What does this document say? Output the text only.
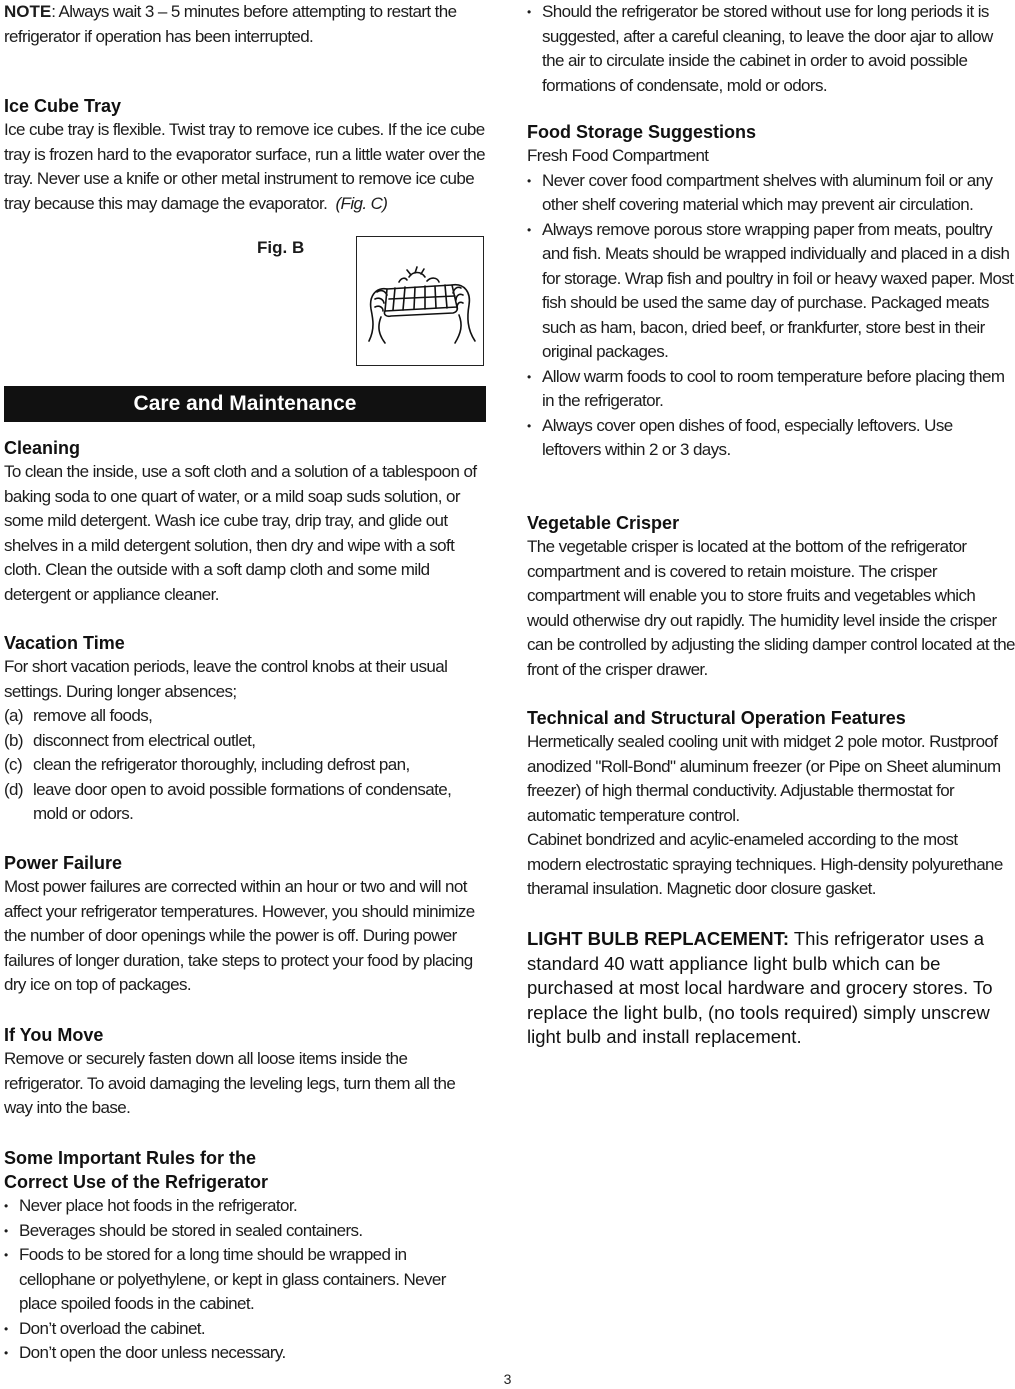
NOTE: Always wait 3 – 5 minutes before attempting to restart the refrigerator if operation has been interrupted.

Ice Cube Tray

Ice cube tray is flexible. Twist tray to remove ice cubes. If the ice cube tray is frozen hard to the evaporator surface, run a little water over the tray. Never use a knife or other metal instrument to remove ice cube tray because this may damage the evaporator. (Fig. C)

Fig. B
Care and Maintenance
Cleaning

To clean the inside, use a soft cloth and a solution of a tablespoon of baking soda to one quart of water, or a mild soap suds solution, or some mild detergent. Wash ice cube tray, drip tray, and glide out shelves in a mild detergent solution, then dry and wipe with a soft cloth. Clean the outside with a soft damp cloth and some mild detergent or appliance cleaner.

Vacation Time

For short vacation periods, leave the control knobs at their usual settings. During longer absences;

(a) remove all foods,
(b) disconnect from electrical outlet,
(c) clean the refrigerator thoroughly, including defrost pan,
(d) leave door open to avoid possible formations of condensate, mold or odors.
Power Failure

Most power failures are corrected within an hour or two and will not affect your refrigerator temperatures. However, you should minimize the number of door openings while the power is off. During power failures of longer duration, take steps to protect your food by placing dry ice on top of packages.

If You Move

Remove or securely fasten down all loose items inside the refrigerator. To avoid damaging the leveling legs, turn them all the way into the base.

Some Important Rules for the
Correct Use of the Refrigerator
• Never place hot foods in the refrigerator.
• Beverages should be stored in sealed containers.
• Foods to be stored for a long time should be wrapped in cellophane or polyethylene, or kept in glass containers. Never place spoiled foods in the cabinet.
• Don’t overload the cabinet.
• Don’t open the door unless necessary.
• Should the refrigerator be stored without use for long periods it is suggested, after a careful cleaning, to leave the door ajar to allow the air to circulate inside the cabinet in order to avoid possible formations of condensate, mold or odors.
Food Storage Suggestions

Fresh Food Compartment

• Never cover food compartment shelves with aluminum foil or any other shelf covering material which may prevent air circulation.
• Always remove porous store wrapping paper from meats, poultry and fish. Meats should be wrapped individually and placed in a dish for storage. Wrap fish and poultry in foil or heavy waxed paper. Most fish should be used the same day of purchase. Packaged meats such as ham, bacon, dried beef, or frankfurter, store best in their original packages.
• Allow warm foods to cool to room temperature before placing them in the refrigerator.
• Always cover open dishes of food, especially leftovers. Use leftovers within 2 or 3 days.
Vegetable Crisper

The vegetable crisper is located at the bottom of the refrigerator compartment and is covered to retain moisture. The crisper compartment will enable you to store fruits and vegetables which would otherwise dry out rapidly. The humidity level inside the crisper can be controlled by adjusting the sliding damper control located at the front of the crisper drawer.

Technical and Structural Operation Features

Hermetically sealed cooling unit with midget 2 pole motor. Rustproof anodized "Roll-Bond" aluminum freezer (or Pipe on Sheet aluminum freezer) of high thermal conductivity. Adjustable thermostat for automatic temperature control.

Cabinet bondrized and acylic-enameled according to the most modern electrostatic spraying techniques. High-density polyurethane theramal insulation. Magnetic door closure gasket.

LIGHT BULB REPLACEMENT: This refrigerator uses a standard 40 watt appliance light bulb which can be purchased at most local hardware and grocery stores. To replace the light bulb, (no tools required) simply unscrew light bulb and install replacement.

3
